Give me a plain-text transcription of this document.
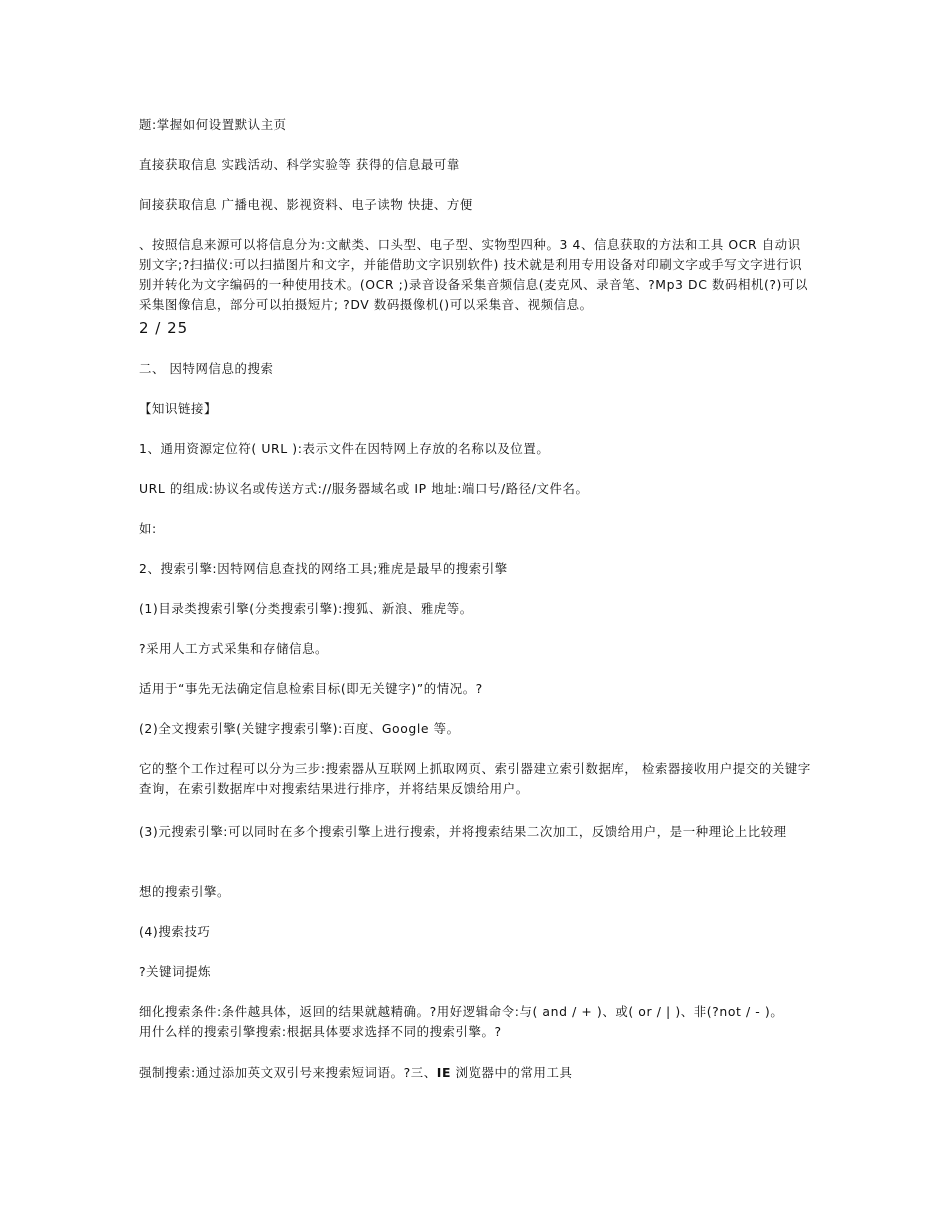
题:掌握如何设置默认主页
直接获取信息 实践活动、科学实验等 获得的信息最可靠
间接获取信息 广播电视、影视资料、电子读物 快捷、方便
、按照信息来源可以将信息分为:文献类、口头型、电子型、实物型四种。3 4、信息获取的方法和工具 OCR 自动识别文字;?扫描仪:可以扫描图片和文字，并能借助文字识别软件) 技术就是利用专用设备对印刷文字或手写文字进行识别并转化为文字编码的一种使用技术。(OCR ;)录音设备采集音频信息(麦克风、录音笔、?Mp3 DC 数码相机(?)可以采集图像信息，部分可以拍摄短片; ?DV 数码摄像机()可以采集音、视频信息。
2 / 25
二、 因特网信息的搜索
【知识链接】
1、通用资源定位符( URL ):表示文件在因特网上存放的名称以及位置。
URL 的组成:协议名或传送方式://服务器域名或 IP 地址:端口号/路径/文件名。
如:
2、搜索引擎:因特网信息查找的网络工具;雅虎是最早的搜索引擎
(1)目录类搜索引擎(分类搜索引擎):搜狐、新浪、雅虎等。
?采用人工方式采集和存储信息。
适用于“事先无法确定信息检索目标(即无关键字)”的情况。?
(2)全文搜索引擎(关键字搜索引擎):百度、Google 等。
它的整个工作过程可以分为三步:搜索器从互联网上抓取网页、索引器建立索引数据库， 检索器接收用户提交的关键字查询，在索引数据库中对搜索结果进行排序，并将结果反馈给用户。
(3)元搜索引擎:可以同时在多个搜索引擎上进行搜索，并将搜索结果二次加工，反馈给用户，是一种理论上比较理
想的搜索引擎。
(4)搜索技巧
?关键词提炼
细化搜索条件:条件越具体，返回的结果就越精确。?用好逻辑命令:与( and / + )、或( or / | )、非(?not / - )。 用什么样的搜索引擎搜索:根据具体要求选择不同的搜索引擎。?
强制搜索:通过添加英文双引号来搜索短词语。?三、IE 浏览器中的常用工具
